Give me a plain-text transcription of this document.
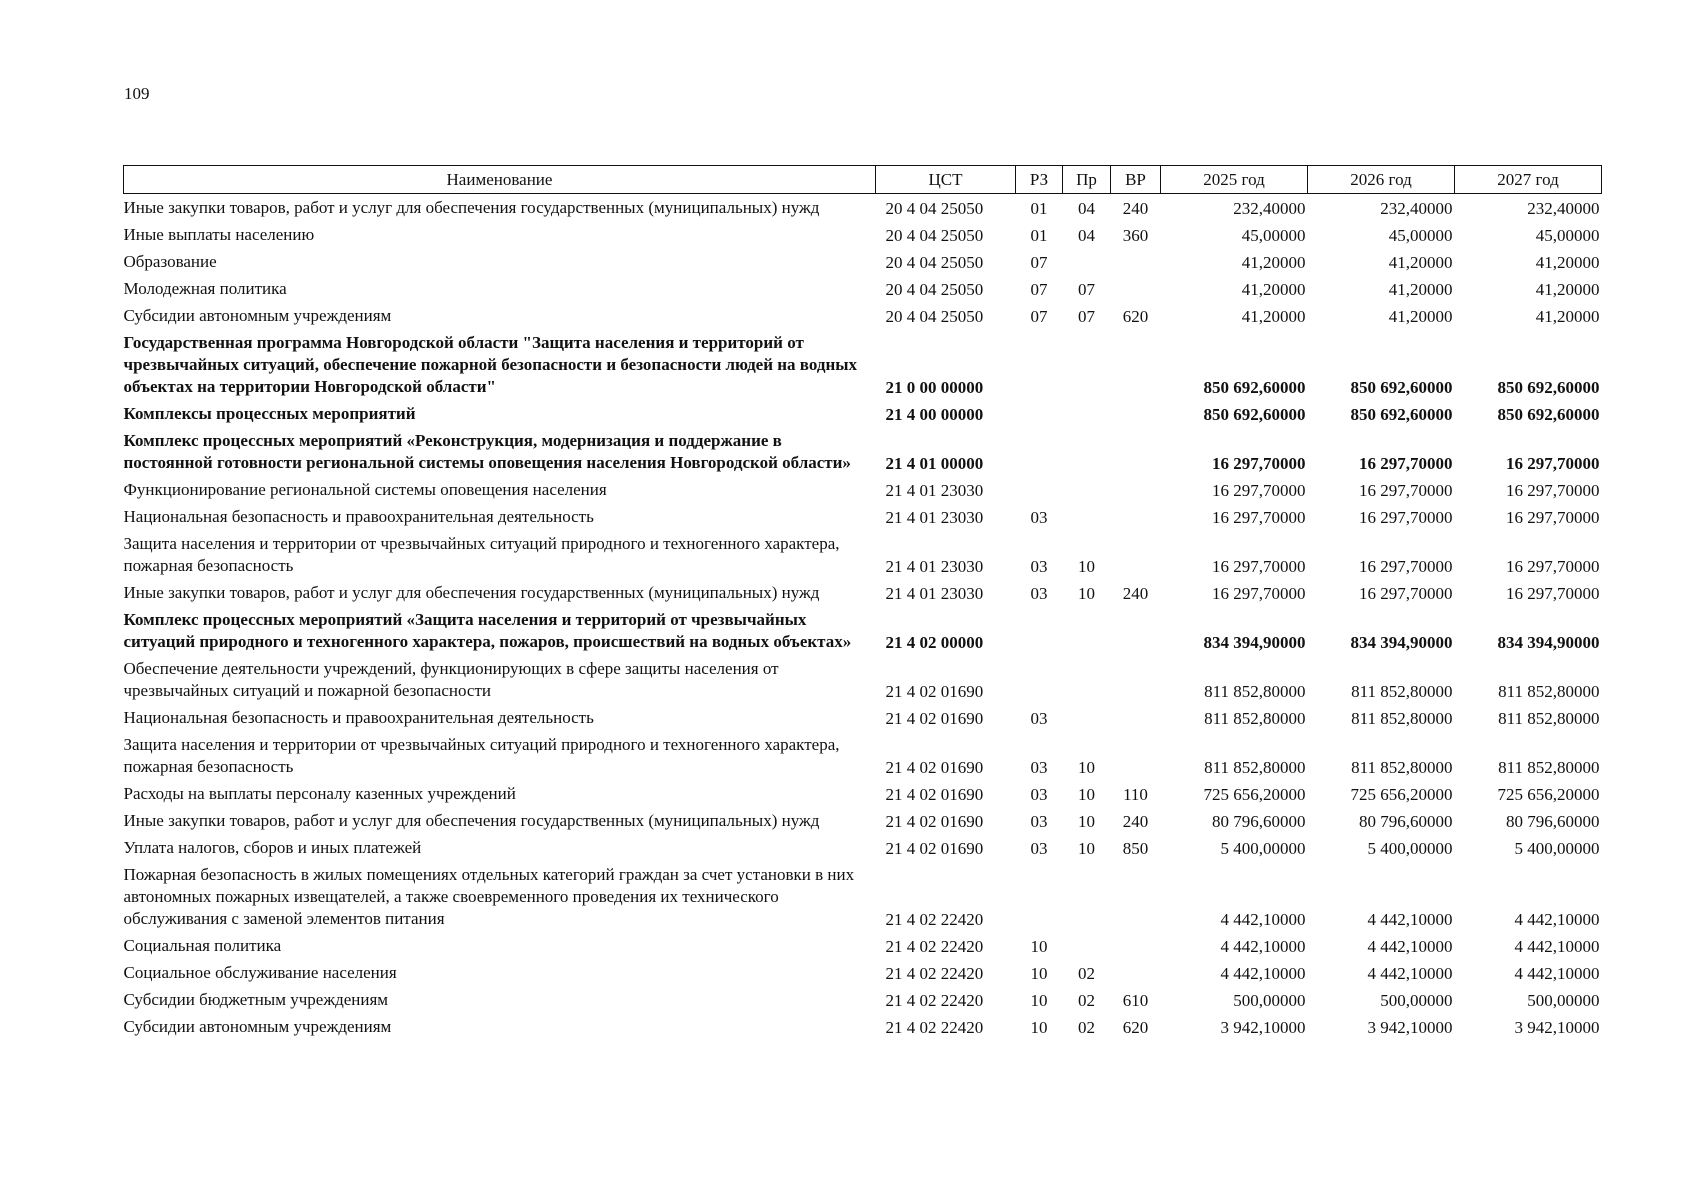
109
Наименование	ЦСТ	РЗ	Пр	ВР	2025 год	2026 год	2027 год
Иные закупки товаров, работ и услуг для обеспечения государственных (муниципальных) нужд	20 4 04 25050	01	04	240	232,40000	232,40000	232,40000
Иные выплаты населению	20 4 04 25050	01	04	360	45,00000	45,00000	45,00000
Образование	20 4 04 25050	07			41,20000	41,20000	41,20000
Молодежная политика	20 4 04 25050	07	07		41,20000	41,20000	41,20000
Субсидии автономным учреждениям	20 4 04 25050	07	07	620	41,20000	41,20000	41,20000
Государственная программа Новгородской области "Защита населения и территорий от чрезвычайных ситуаций, обеспечение пожарной безопасности и безопасности людей на водных объектах на территории Новгородской области"	21 0 00 00000				850 692,60000	850 692,60000	850 692,60000
Комплексы процессных мероприятий	21 4 00 00000				850 692,60000	850 692,60000	850 692,60000
Комплекс процессных мероприятий «Реконструкция, модернизация и поддержание в постоянной готовности региональной системы оповещения населения Новгородской области»	21 4 01 00000				16 297,70000	16 297,70000	16 297,70000
Функционирование региональной системы оповещения населения	21 4 01 23030				16 297,70000	16 297,70000	16 297,70000
Национальная безопасность и правоохранительная деятельность	21 4 01 23030	03			16 297,70000	16 297,70000	16 297,70000
Защита населения и территории от чрезвычайных ситуаций природного и техногенного характера, пожарная безопасность	21 4 01 23030	03	10		16 297,70000	16 297,70000	16 297,70000
Иные закупки товаров, работ и услуг для обеспечения государственных (муниципальных) нужд	21 4 01 23030	03	10	240	16 297,70000	16 297,70000	16 297,70000
Комплекс процессных мероприятий «Защита населения и территорий от чрезвычайных ситуаций природного и техногенного характера, пожаров, происшествий на водных объектах»	21 4 02 00000				834 394,90000	834 394,90000	834 394,90000
Обеспечение деятельности учреждений, функционирующих в сфере защиты населения от чрезвычайных ситуаций и пожарной безопасности	21 4 02 01690				811 852,80000	811 852,80000	811 852,80000
Национальная безопасность и правоохранительная деятельность	21 4 02 01690	03			811 852,80000	811 852,80000	811 852,80000
Защита населения и территории от чрезвычайных ситуаций природного и техногенного характера, пожарная безопасность	21 4 02 01690	03	10		811 852,80000	811 852,80000	811 852,80000
Расходы на выплаты персоналу казенных учреждений	21 4 02 01690	03	10	110	725 656,20000	725 656,20000	725 656,20000
Иные закупки товаров, работ и услуг для обеспечения государственных (муниципальных) нужд	21 4 02 01690	03	10	240	80 796,60000	80 796,60000	80 796,60000
Уплата налогов, сборов и иных платежей	21 4 02 01690	03	10	850	5 400,00000	5 400,00000	5 400,00000
Пожарная безопасность в жилых помещениях отдельных категорий граждан за счет установки в них автономных пожарных извещателей, а также своевременного проведения их технического обслуживания с заменой элементов питания	21 4 02 22420				4 442,10000	4 442,10000	4 442,10000
Социальная политика	21 4 02 22420	10			4 442,10000	4 442,10000	4 442,10000
Социальное обслуживание населения	21 4 02 22420	10	02		4 442,10000	4 442,10000	4 442,10000
Субсидии бюджетным учреждениям	21 4 02 22420	10	02	610	500,00000	500,00000	500,00000
Субсидии автономным учреждениям	21 4 02 22420	10	02	620	3 942,10000	3 942,10000	3 942,10000
